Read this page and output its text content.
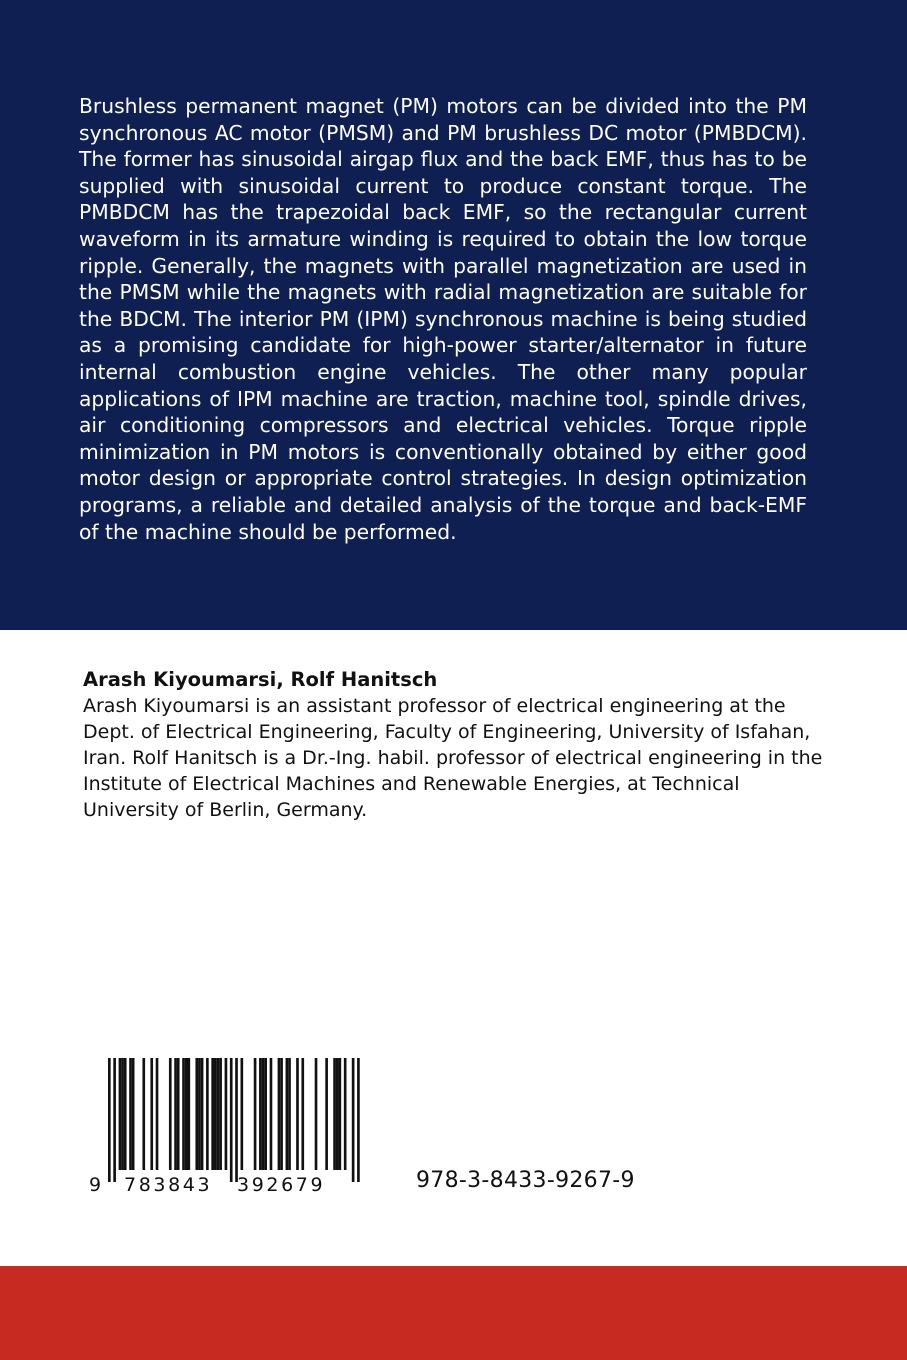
Brushless permanent magnet (PM) motors can be divided into the PM synchronous AC motor (PMSM) and PM brushless DC motor (PMBDCM). The former has sinusoidal airgap flux and the back EMF, thus has to be supplied with sinusoidal current to produce constant torque. The PMBDCM has the trapezoidal back EMF, so the rectangular current waveform in its armature winding is required to obtain the low torque ripple. Generally, the magnets with parallel magnetization are used in the PMSM while the magnets with radial magnetization are suitable for the BDCM. The interior PM (IPM) synchronous machine is being studied as a promising candidate for high-power starter/alternator in future internal combustion engine vehicles. The other many popular applications of IPM machine are traction, machine tool, spindle drives, air conditioning compressors and electrical vehicles. Torque ripple minimization in PM motors is conventionally obtained by either good motor design or appropriate control strategies. In design optimization programs, a reliable and detailed analysis of the torque and back-EMF of the machine should be performed.

Arash Kiyoumarsi, Rolf Hanitsch

Arash Kiyoumarsi is an assistant professor of electrical engineering at the Dept. of Electrical Engineering, Faculty of Engineering, University of Isfahan, Iran. Rolf Hanitsch is a Dr.-Ing. habil. professor of electrical engineering in the Institute of Electrical Machines and Renewable Energies, at Technical University of Berlin, Germany.

9 783843 392679	978-3-8433-9267-9
